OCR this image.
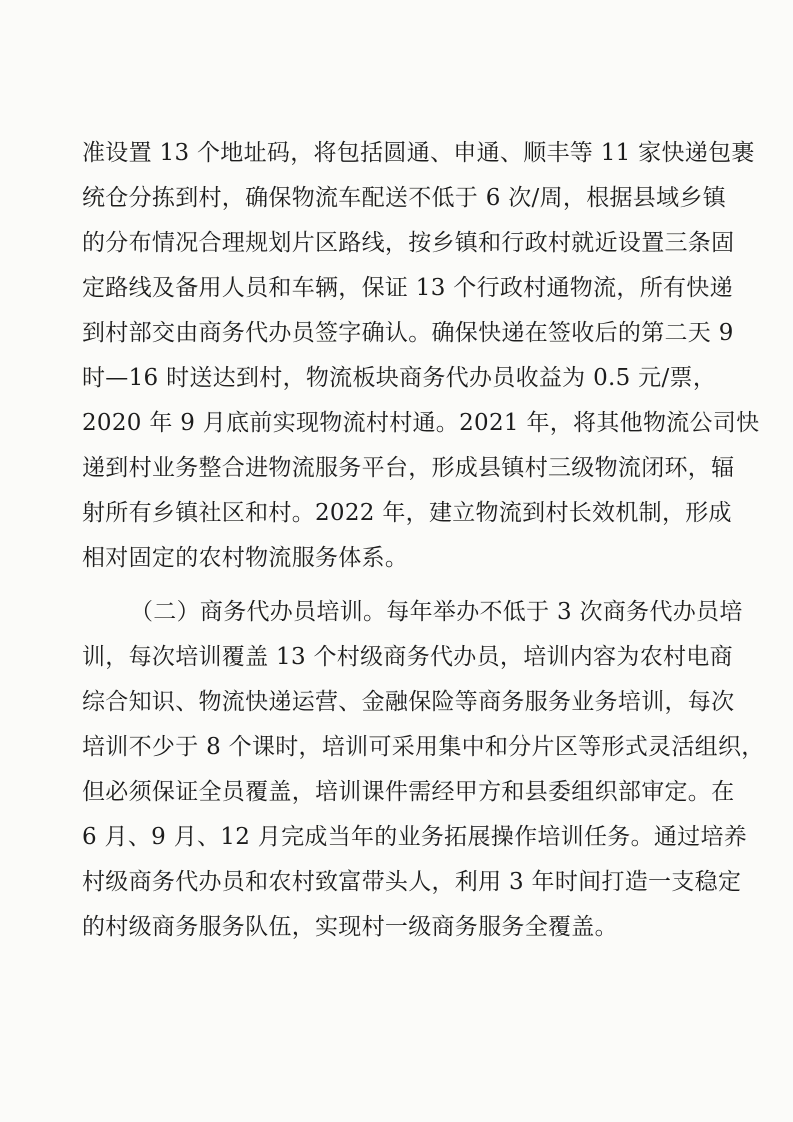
准设置 13 个地址码，将包括圆通、申通、顺丰等 11 家快递包裹
统仓分拣到村，确保物流车配送不低于 6 次/周，根据县域乡镇
的分布情况合理规划片区路线，按乡镇和行政村就近设置三条固
定路线及备用人员和车辆，保证 13 个行政村通物流，所有快递
到村部交由商务代办员签字确认。确保快递在签收后的第二天 9
时—16 时送达到村，物流板块商务代办员收益为 0.5 元/票，
2020 年 9 月底前实现物流村村通。2021 年，将其他物流公司快
递到村业务整合进物流服务平台，形成县镇村三级物流闭环，辐
射所有乡镇社区和村。2022 年，建立物流到村长效机制，形成
相对固定的农村物流服务体系。
（二）商务代办员培训。每年举办不低于 3 次商务代办员培
训，每次培训覆盖 13 个村级商务代办员，培训内容为农村电商
综合知识、物流快递运营、金融保险等商务服务业务培训，每次
培训不少于 8 个课时，培训可采用集中和分片区等形式灵活组织，
但必须保证全员覆盖，培训课件需经甲方和县委组织部审定。在
6 月、9 月、12 月完成当年的业务拓展操作培训任务。通过培养
村级商务代办员和农村致富带头人，利用 3 年时间打造一支稳定
的村级商务服务队伍，实现村一级商务服务全覆盖。
